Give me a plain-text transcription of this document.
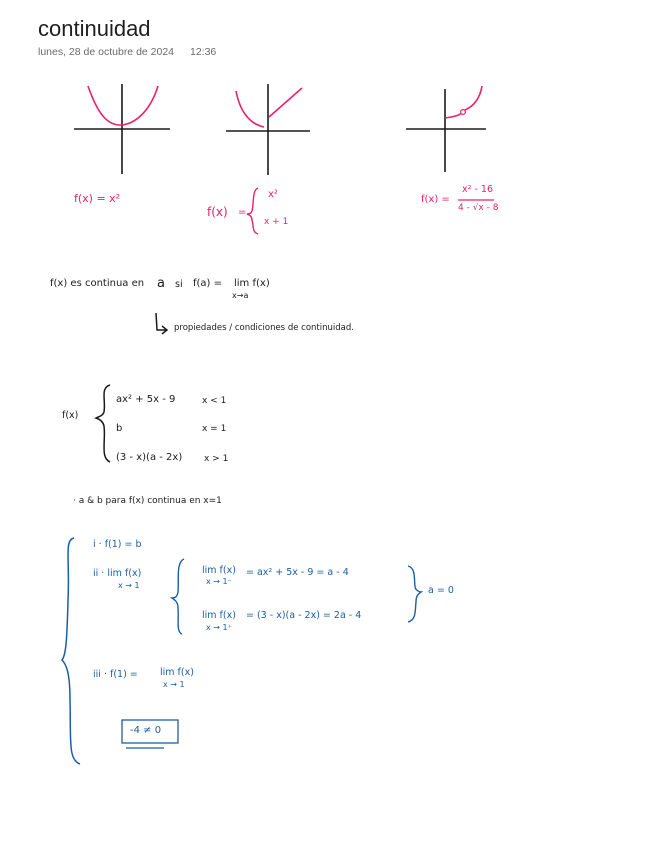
continuidad
lunes, 28 de octubre de 2024 12:36
f(x) = x²
f(x) =
x²
x + 1
f(x) =
x² - 16
4 - √x - 8
f(x) es continua en a si f(a) = lim f(x)
x→a
propiedades / condiciones de continuidad.
f(x)
ax² + 5x - 9	x < 1
b	x = 1
(3 - x)(a - 2x) x > 1
· a & b para f(x) continua en x=1
i · f(1) = b
ii · lim f(x)
x → 1
lim f(x)
x → 1⁻
= ax² + 5x - 9 = a - 4
lim f(x)
x → 1⁺
= (3 - x)(a - 2x) = 2a - 4
a = 0
iii · f(1) = lim f(x)
x → 1
-4 ≠ 0
